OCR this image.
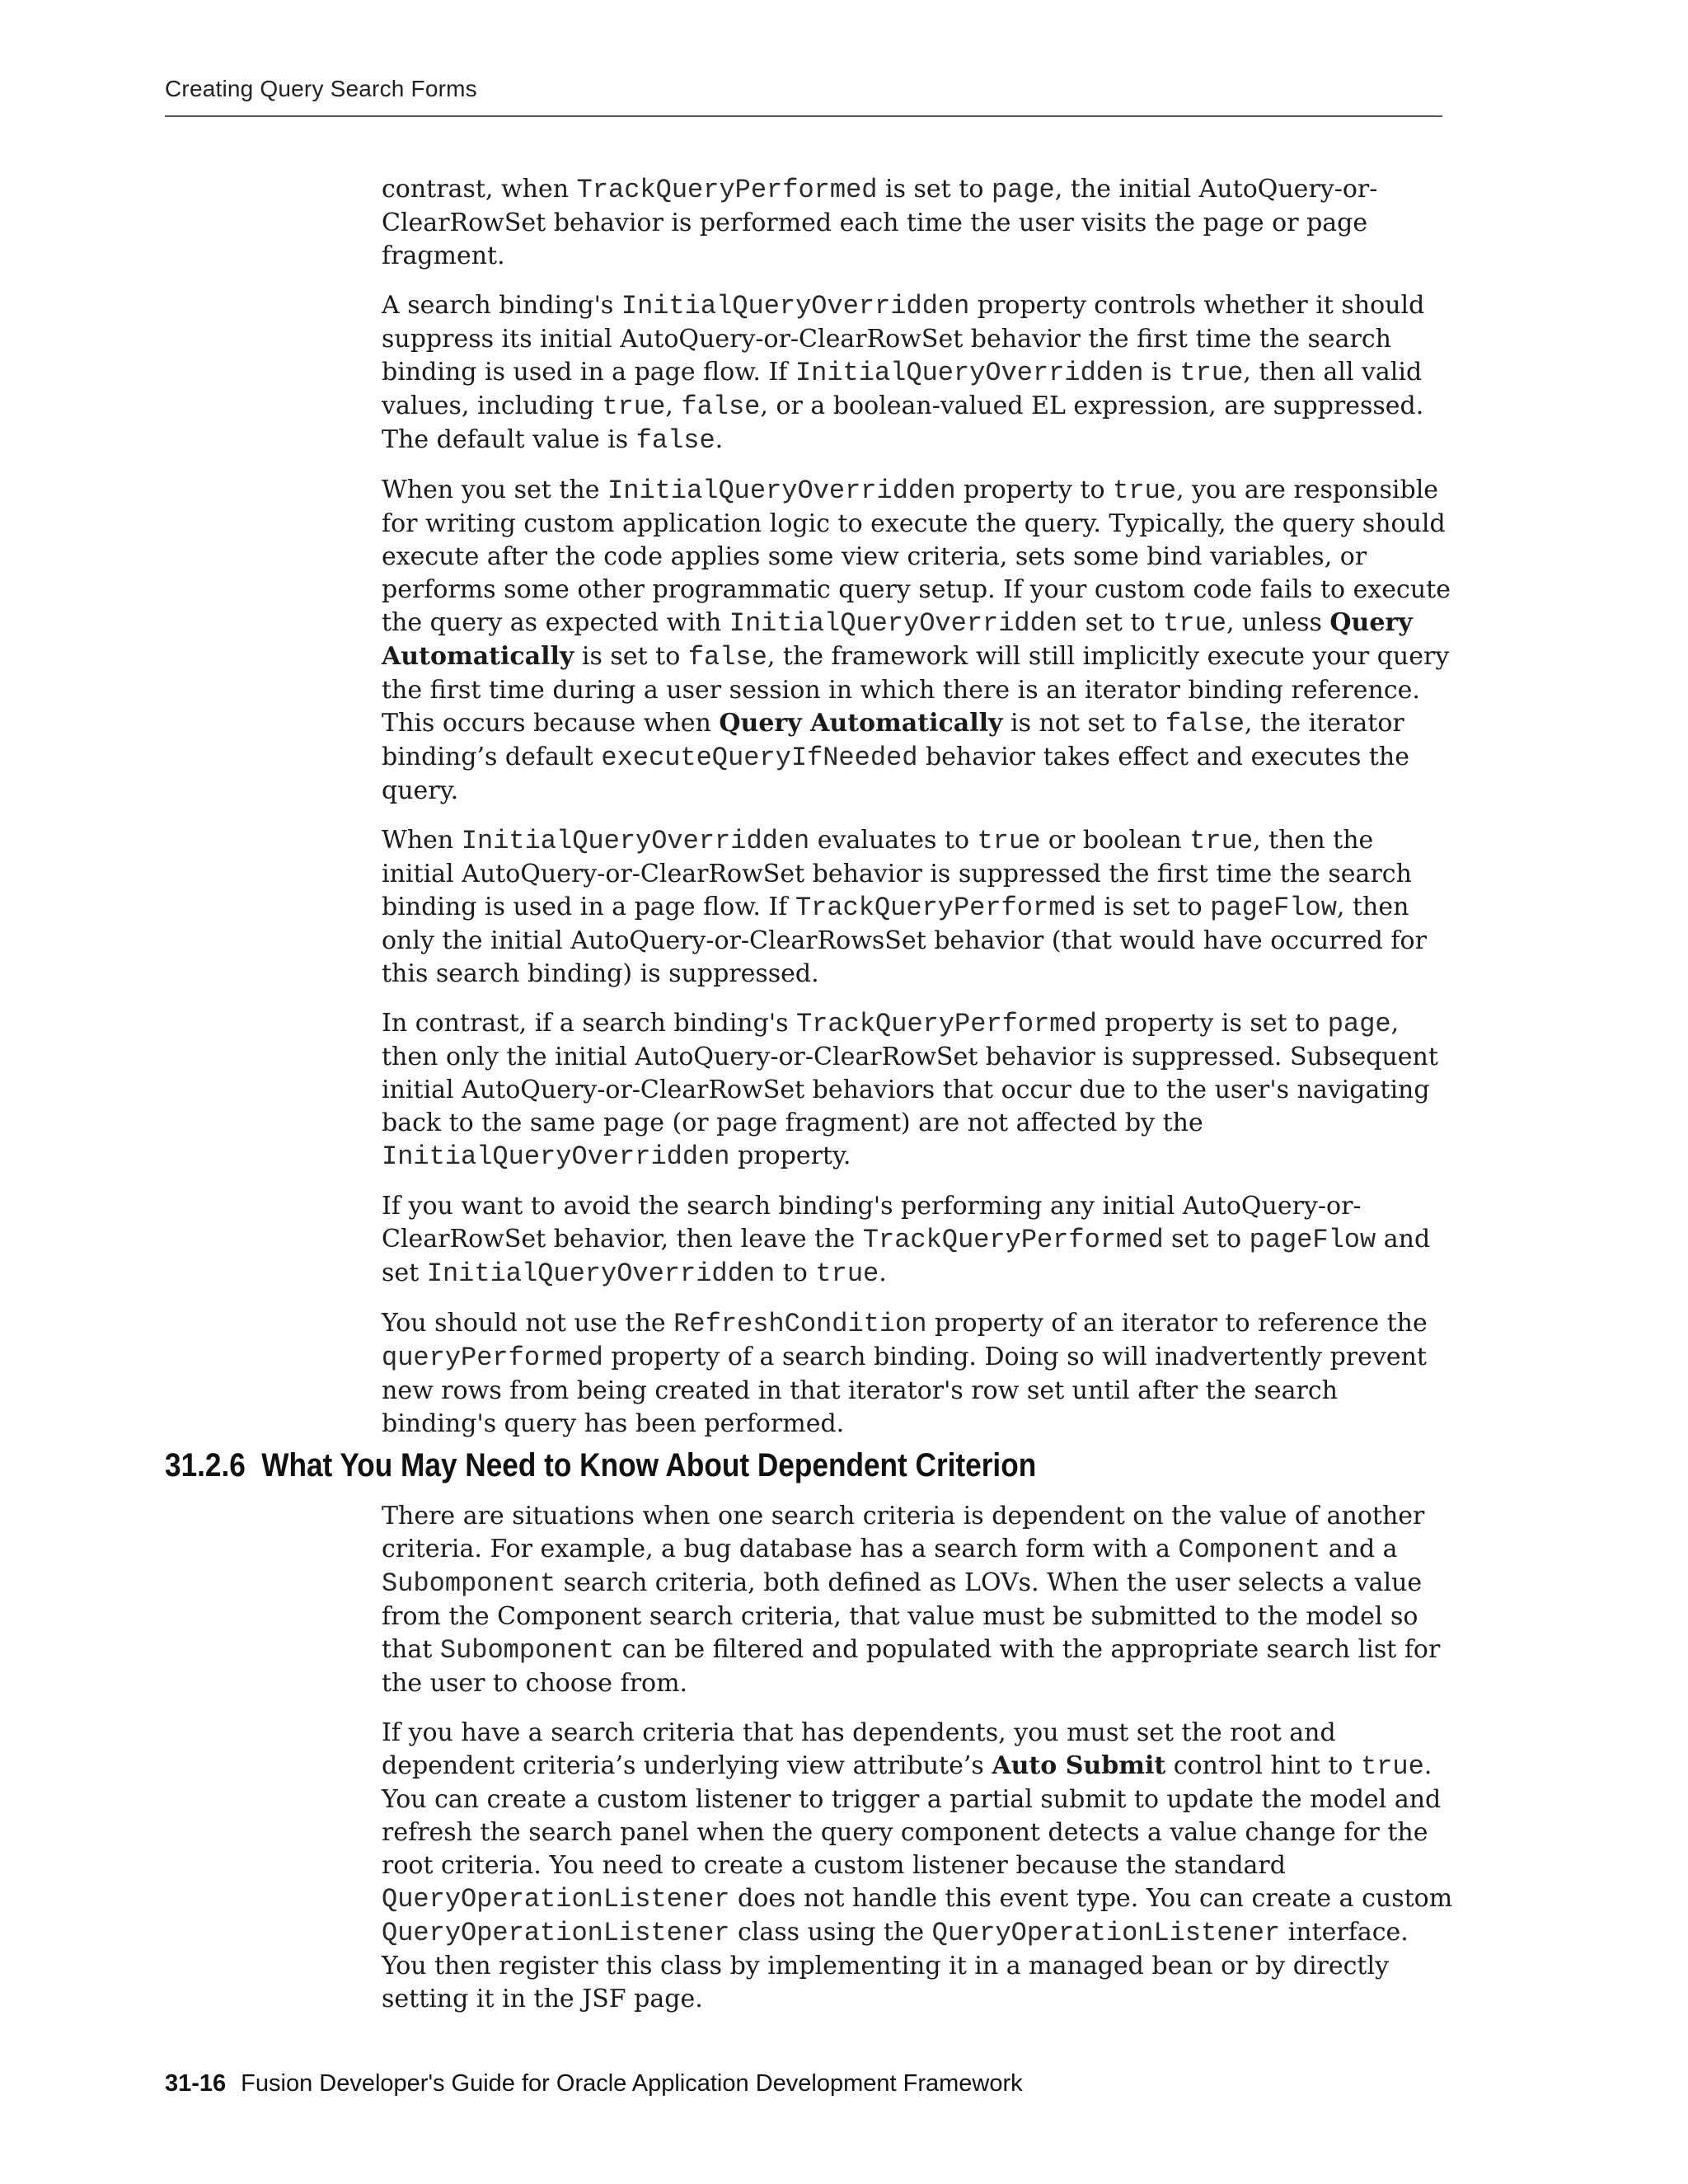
Creating Query Search Forms

contrast, when TrackQueryPerformed is set to page, the initial AutoQuery-or-ClearRowSet behavior is performed each time the user visits the page or page fragment.

A search binding's InitialQueryOverridden property controls whether it should suppress its initial AutoQuery-or-ClearRowSet behavior the first time the search binding is used in a page flow. If InitialQueryOverridden is true, then all valid values, including true, false, or a boolean-valued EL expression, are suppressed. The default value is false.

When you set the InitialQueryOverridden property to true, you are responsible for writing custom application logic to execute the query. Typically, the query should execute after the code applies some view criteria, sets some bind variables, or performs some other programmatic query setup. If your custom code fails to execute the query as expected with InitialQueryOverridden set to true, unless Query Automatically is set to false, the framework will still implicitly execute your query the first time during a user session in which there is an iterator binding reference. This occurs because when Query Automatically is not set to false, the iterator binding’s default executeQueryIfNeeded behavior takes effect and executes the query.

When InitialQueryOverridden evaluates to true or boolean true, then the initial AutoQuery-or-ClearRowSet behavior is suppressed the first time the search binding is used in a page flow. If TrackQueryPerformed is set to pageFlow, then only the initial AutoQuery-or-ClearRowsSet behavior (that would have occurred for this search binding) is suppressed.

In contrast, if a search binding's TrackQueryPerformed property is set to page, then only the initial AutoQuery-or-ClearRowSet behavior is suppressed. Subsequent initial AutoQuery-or-ClearRowSet behaviors that occur due to the user's navigating back to the same page (or page fragment) are not affected by the InitialQueryOverridden property.

If you want to avoid the search binding's performing any initial AutoQuery-or-ClearRowSet behavior, then leave the TrackQueryPerformed set to pageFlow and set InitialQueryOverridden to true.

You should not use the RefreshCondition property of an iterator to reference the queryPerformed property of a search binding. Doing so will inadvertently prevent new rows from being created in that iterator's row set until after the search binding's query has been performed.

31.2.6 What You May Need to Know About Dependent Criterion

There are situations when one search criteria is dependent on the value of another criteria. For example, a bug database has a search form with a Component and a Subomponent search criteria, both defined as LOVs. When the user selects a value from the Component search criteria, that value must be submitted to the model so that Subomponent can be filtered and populated with the appropriate search list for the user to choose from.

If you have a search criteria that has dependents, you must set the root and dependent criteria’s underlying view attribute’s Auto Submit control hint to true. You can create a custom listener to trigger a partial submit to update the model and refresh the search panel when the query component detects a value change for the root criteria. You need to create a custom listener because the standard QueryOperationListener does not handle this event type. You can create a custom QueryOperationListener class using the QueryOperationListener interface. You then register this class by implementing it in a managed bean or by directly setting it in the JSF page.

31-16 Fusion Developer's Guide for Oracle Application Development Framework
